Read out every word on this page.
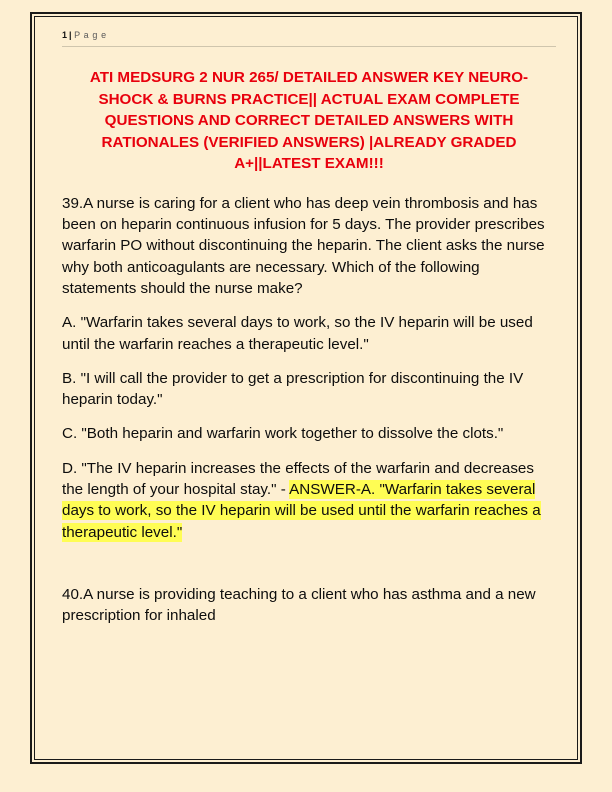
1 | P a g e
ATI MEDSURG 2 NUR 265/ DETAILED ANSWER KEY NEURO-SHOCK & BURNS PRACTICE|| ACTUAL EXAM COMPLETE QUESTIONS AND CORRECT DETAILED ANSWERS WITH RATIONALES (VERIFIED ANSWERS) |ALREADY GRADED A+||LATEST EXAM!!!
39.A nurse is caring for a client who has deep vein thrombosis and has been on heparin continuous infusion for 5 days. The provider prescribes warfarin PO without discontinuing the heparin. The client asks the nurse why both anticoagulants are necessary. Which of the following statements should the nurse make?
A. "Warfarin takes several days to work, so the IV heparin will be used until the warfarin reaches a therapeutic level."
B. "I will call the provider to get a prescription for discontinuing the IV heparin today."
C. "Both heparin and warfarin work together to dissolve the clots."
D. "The IV heparin increases the effects of the warfarin and decreases the length of your hospital stay." - ANSWER-A. "Warfarin takes several days to work, so the IV heparin will be used until the warfarin reaches a therapeutic level."
40.A nurse is providing teaching to a client who has asthma and a new prescription for inhaled
